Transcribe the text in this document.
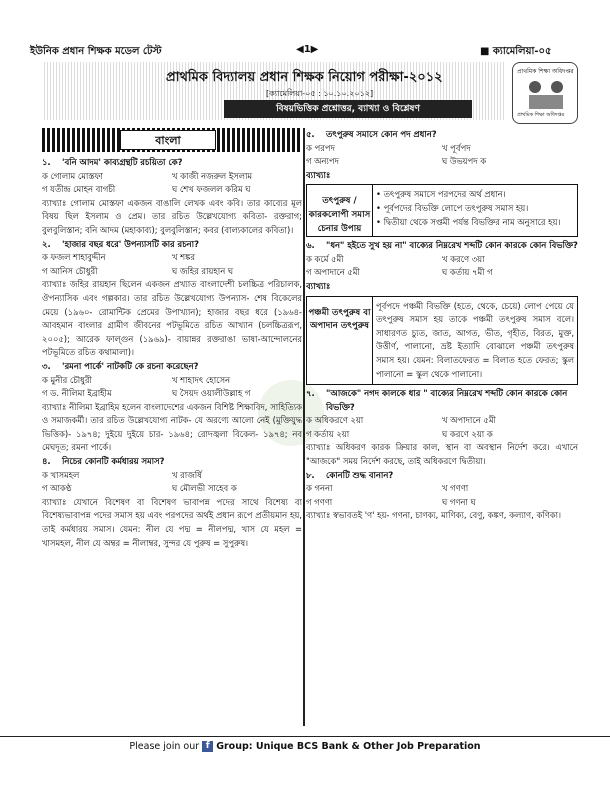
ইউনিক প্রধান শিক্ষক মডেল টেস্ট	◀1▶	■ ক্যামেলিয়া-০৫
প্রাথমিক বিদ্যালয় প্রধান শিক্ষক নিয়োগ পরীক্ষা-২০১২
[ক্যামেলিয়া-০৫ : ১০.১০.২০১২]
বিষয়ভিত্তিক প্রশ্নোত্তর, ব্যাখ্যা ও বিশ্লেষণ
প্রাথমিক শিক্ষা অধিদপ্তর
প্রাথমিক শিক্ষা অধিদপ্তর
বাংলা
১. 'বনি আদম' কাব্যগ্রন্থটি রচয়িতা কে?
ক গোলাম মোস্তফা	খ কাজী নজরুল ইসলাম
গ যতীন্দ্র মোহন বাগচী	ঘ শেখ ফজলল করিম ঘ
ব্যাখ্যাঃ গোলাম মোস্তফা একজন বাঙালি লেখক এবং কবি। তার কাব্যের মূল বিষয় ছিল ইসলাম ও প্রেম। তার রচিত উল্লেখযোগ্য কবিতা- রক্তরাগ; বুলবুলিস্তান; বনি আদম (মহাকাব্য); বুলবুলিস্তান; কবর (বাল্যকালের কবিতা)।
২. 'হাজার বছর ধরে' উপন্যাসটি কার রচনা?
ক ফজল শাহাবুদ্দীন	খ শঙ্কর
গ আনিস চৌধুরী	ঘ জহির রায়হান ঘ
ব্যাখ্যাঃ জহির রায়হান ছিলেন একজন প্রখ্যাত বাংলাদেশী চলচ্চিত্র পরিচালক, ঔপন্যাসিক এবং গল্পকার। তার রচিত উল্লেখযোগ্য উপন্যাস- শেষ বিকেলের মেয়ে (১৯৬০- রোমান্টিক প্রেমের উপাখ্যান); হাজার বছর ধরে (১৯৬৪- আবহমান বাংলার গ্রামীণ জীবনের পটভূমিতে রচিত আখ্যান (চলচ্চিত্ররূপ, ২০০৫); আরেক ফাল্গুন (১৯৬৯)- বায়ান্নর রক্তরাঙা ভাষা-আন্দোলনের পটভূমিতে রচিত কথামালা)।
৩. 'রমনা পার্কে' নাটকটি কে রচনা করেছেন?
ক মুনীর চৌধুরী	খ শাহাদৎ হোসেন
গ ড. নীলিমা ইব্রাহীম	ঘ সৈয়দ ওয়ালীউল্লাহ গ
ব্যাখ্যাঃ নীলিমা ইব্রাহিম হলেন বাংলাদেশের একজন বিশিষ্ট শিক্ষাবিদ, সাহিত্যিক ও সমাজকর্মী। তার রচিত উল্লেখযোগ্য নাটক- যে অরণ্যে আলো নেই (মুক্তিযুদ্ধ ভিত্তিক)- ১৯৭৪; দুইয়ে দুইয়ে চার- ১৯৬৪; রোদজ্বলা বিকেল- ১৯৭৪; নব মেঘদূত; রমনা পার্কে।
৪. নিচের কোনটি কর্মধারয় সমাস?
ক খাসমহল	খ রাজর্ষি
গ আকণ্ঠ	ঘ মৌলভী সাহেব ক
ব্যাখ্যাঃ যেখানে বিশেষণ বা বিশেষণ ভাবাপন্ন পদের সাথে বিশেষ্য বা বিশেষ্যভাবাপন্ন পদের সমাস হয় এবং পরপদের অর্থই প্রধান রূপে প্রতীয়মান হয়, তাই কর্মধারয় সমাস। যেমন: নীল যে পদ্ম = নীলপদ্ম, খাস যে মহল = খাসমহল, নীল যে অম্বর = নীলাম্বর, সুন্দর যে পুরুষ = সুপুরুষ।
৫. তৎপুরুষ সমাসে কোন পদ প্রধান?
ক পরপদ	খ পূর্বপদ
গ অন্যপদ	ঘ উভয়পদ ক
ব্যাখ্যাঃ
তৎপুরুষ / কারকলোপী সমাস চেনার উপায়
• তৎপুরুষ সমাসে পরপদের অর্থ প্রধান।
• পূর্বপদের বিভক্তি লোপে তৎপুরুষ সমাস হয়।
• দ্বিতীয়া থেকে সপ্তমী পর্যন্ত বিভক্তির নাম অনুসারে হয়।
৬. "ধন" হইতে সুখ হয় না" বাক্যের নিম্নরেখ শব্দটি কোন কারকে কোন বিভক্তি?
ক কর্মে ৫মী	খ করণে ৩য়া
গ অপাদানে ৫মী	ঘ কর্তায় ৭মী গ
ব্যাখ্যাঃ
পঞ্চমী তৎপুরুষ বা অপাদান তৎপুরুষ
পূর্বপদে পঞ্চমী বিভক্তি (হতে, থেকে, চেয়ে) লোপ পেয়ে যে তৎপুরুষ সমাস হয় তাকে পঞ্চমী তৎপুরুষ সমাস বলে। সাধারণত চ্যুত, জাত, আগত, ভীত, গৃহীত, বিরত, মুক্ত, উত্তীর্ণ, পালানো, ভ্রষ্ট ইত্যাদি বোঝালে পঞ্চমী তৎপুরুষ সমাস হয়। যেমন: বিলাতফেরত = বিলাত হতে ফেরত; স্কুল পালানো = স্কুল থেকে পালানো।
৭. "আজকে" নগদ কালকে ধার " বাক্যের নিম্নরেখ শব্দটি কোন কারকে কোন বিভক্তি?
ক অধিকরণে ২য়া	খ অপাদানে ৫মী
গ কর্তায় ২য়া	ঘ করণে ২য়া ক
ব্যাখ্যাঃ অধিকরণ কারক ক্রিয়ার কাল, স্থান বা অবস্থান নির্দেশ করে। এখানে "আজকে" সময় নির্দেশ করছে, তাই অধিকরণে দ্বিতীয়া।
৮. কোনটি শুদ্ধ বানান?
ক গননা	খ গণণা
গ গণণা	ঘ গণনা ঘ
ব্যাখ্যাঃ স্বভাবতই 'ণ' হয়- গণনা, চাণক্য, মাণিক্য, বেণু, কঙ্কণ, কল্যাণ, কণিকা।
Please join our f Group: Unique BCS Bank & Other Job Preparation
